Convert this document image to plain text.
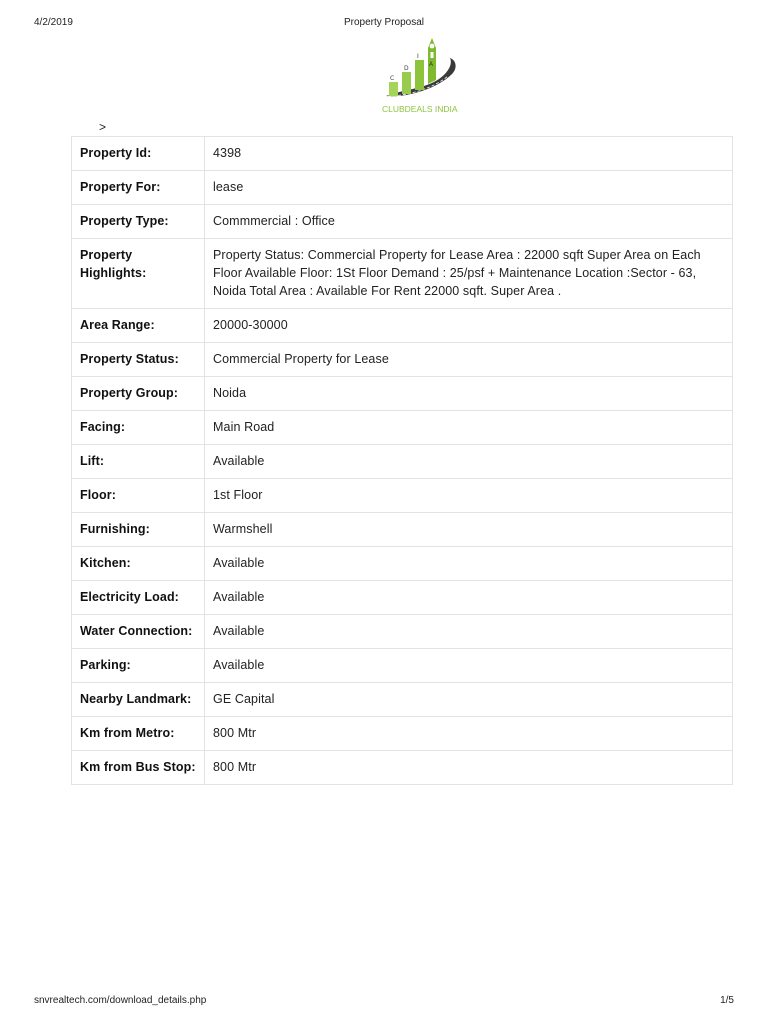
4/2/2019	Property Proposal
C
D
I
A
CLUBDEALS INDIA
>
Property Id:	4398
Property For:	lease
Property Type:	Commmercial : Office
Property Highlights:	Property Status: Commercial Property for Lease Area : 22000 sqft Super Area on Each Floor Available Floor: 1St Floor Demand : 25/psf + Maintenance Location :Sector - 63, Noida Total Area : Available For Rent 22000 sqft. Super Area .
Area Range:	20000-30000
Property Status:	Commercial Property for Lease
Property Group:	Noida
Facing:	Main Road
Lift:	Available
Floor:	1st Floor
Furnishing:	Warmshell
Kitchen:	Available
Electricity Load:	Available
Water Connection:	Available
Parking:	Available
Nearby Landmark:	GE Capital
Km from Metro:	800 Mtr
Km from Bus Stop:	800 Mtr
snvrealtech.com/download_details.php	1/5
